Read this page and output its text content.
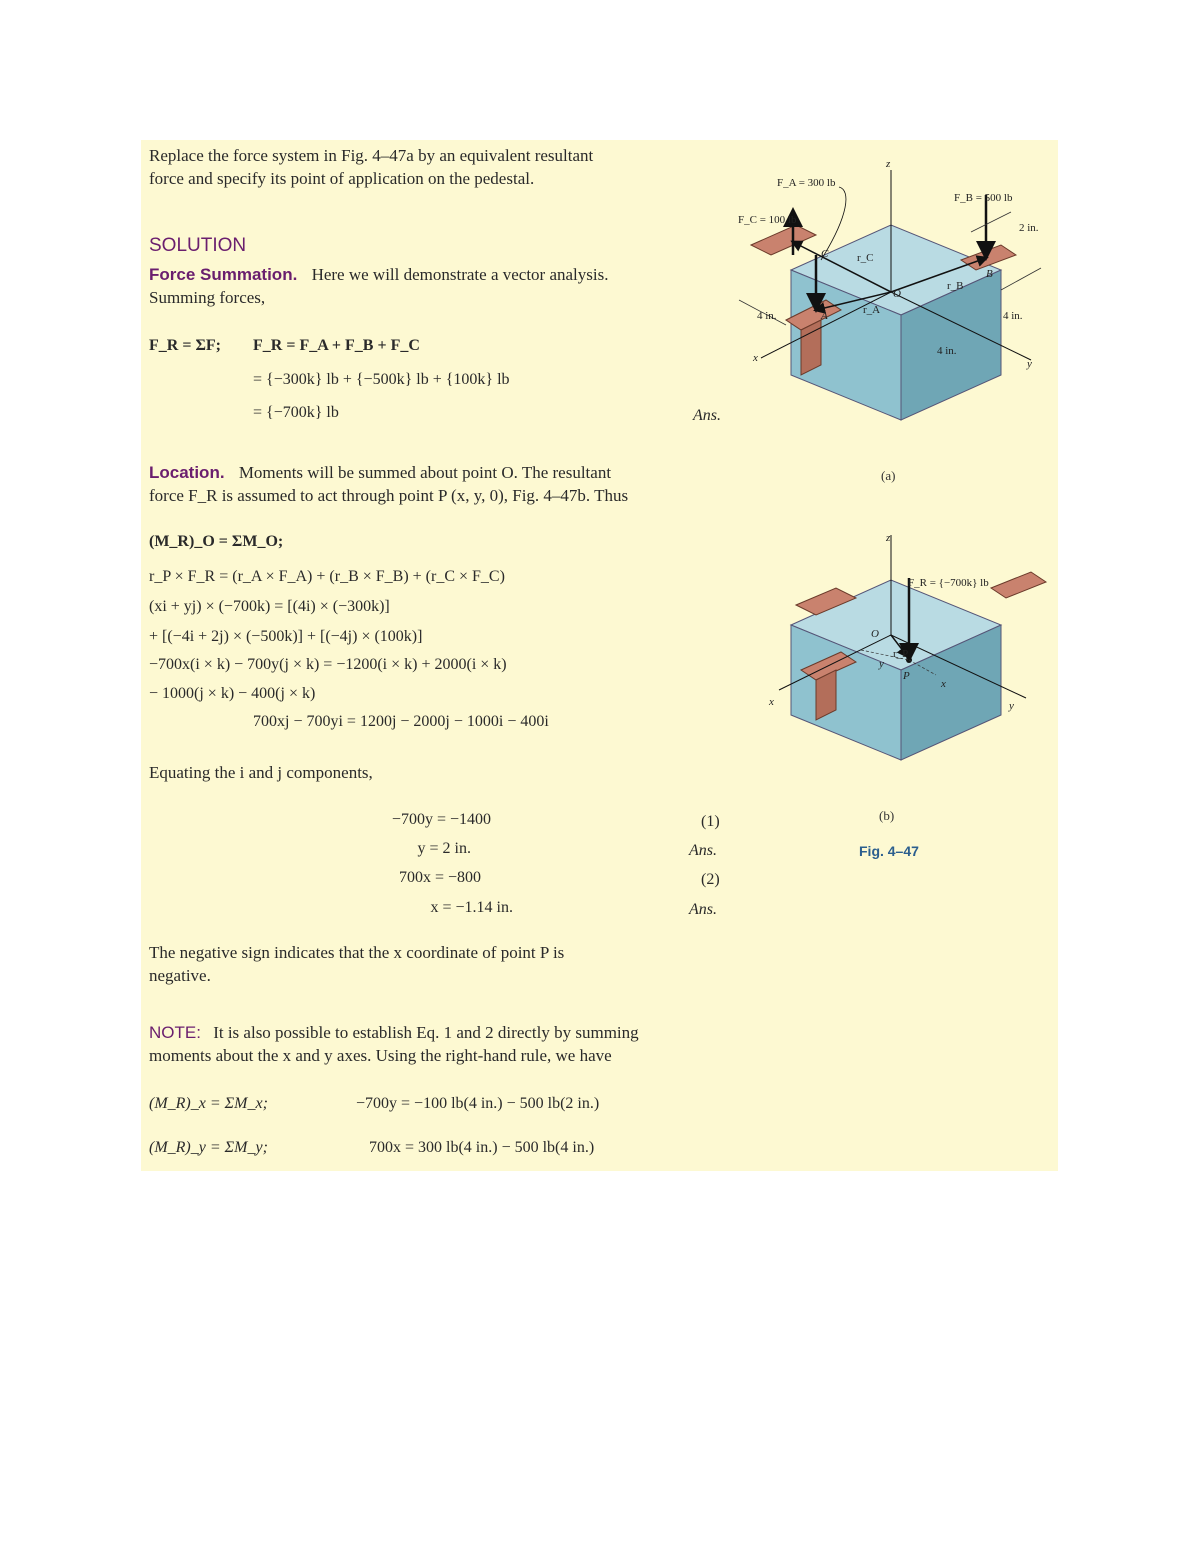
Replace the force system in Fig. 4–47a by an equivalent resultant
force and specify its point of application on the pedestal.
SOLUTION
Force Summation. Here we will demonstrate a vector analysis.
Summing forces,
F_R = ΣF; F_R = F_A + F_B + F_C
= {−300k} lb + {−500k} lb + {100k} lb
= {−700k} lb	Ans.
Location. Moments will be summed about point O. The resultant
force F_R is assumed to act through point P (x, y, 0), Fig. 4–47b. Thus
(M_R)_O = ΣM_O;
r_P × F_R = (r_A × F_A) + (r_B × F_B) + (r_C × F_C)
(xi + yj) × (−700k) = [(4i) × (−300k)]
+ [(−4i + 2j) × (−500k)] + [(−4j) × (100k)]
−700x(i × k) − 700y(j × k) = −1200(i × k) + 2000(i × k)
− 1000(j × k) − 400(j × k)
700xj − 700yi = 1200j − 2000j − 1000i − 400i
Equating the i and j components,
−700y = −1400	(1)
y = 2 in.	Ans.
700x = −800	(2)
x = −1.14 in.	Ans.
The negative sign indicates that the x coordinate of point P is
negative.
NOTE: It is also possible to establish Eq. 1 and 2 directly by summing
moments about the x and y axes. Using the right-hand rule, we have
(M_R)_x = ΣM_x;	−700y = −100 lb(4 in.) − 500 lb(2 in.)
(M_R)_y = ΣM_y;	700x = 300 lb(4 in.) − 500 lb(4 in.)
F_A = 300 lb
F_C = 100 lb
F_B = 500 lb
2 in.
4 in.	4 in.
4 in.
z
x	y
O
A
B
C
r_A
r_B
r_C
(a)
F_R = {−700k} lb
z
x	y
O
P
r_P
x
y
(b)
Fig. 4–47
